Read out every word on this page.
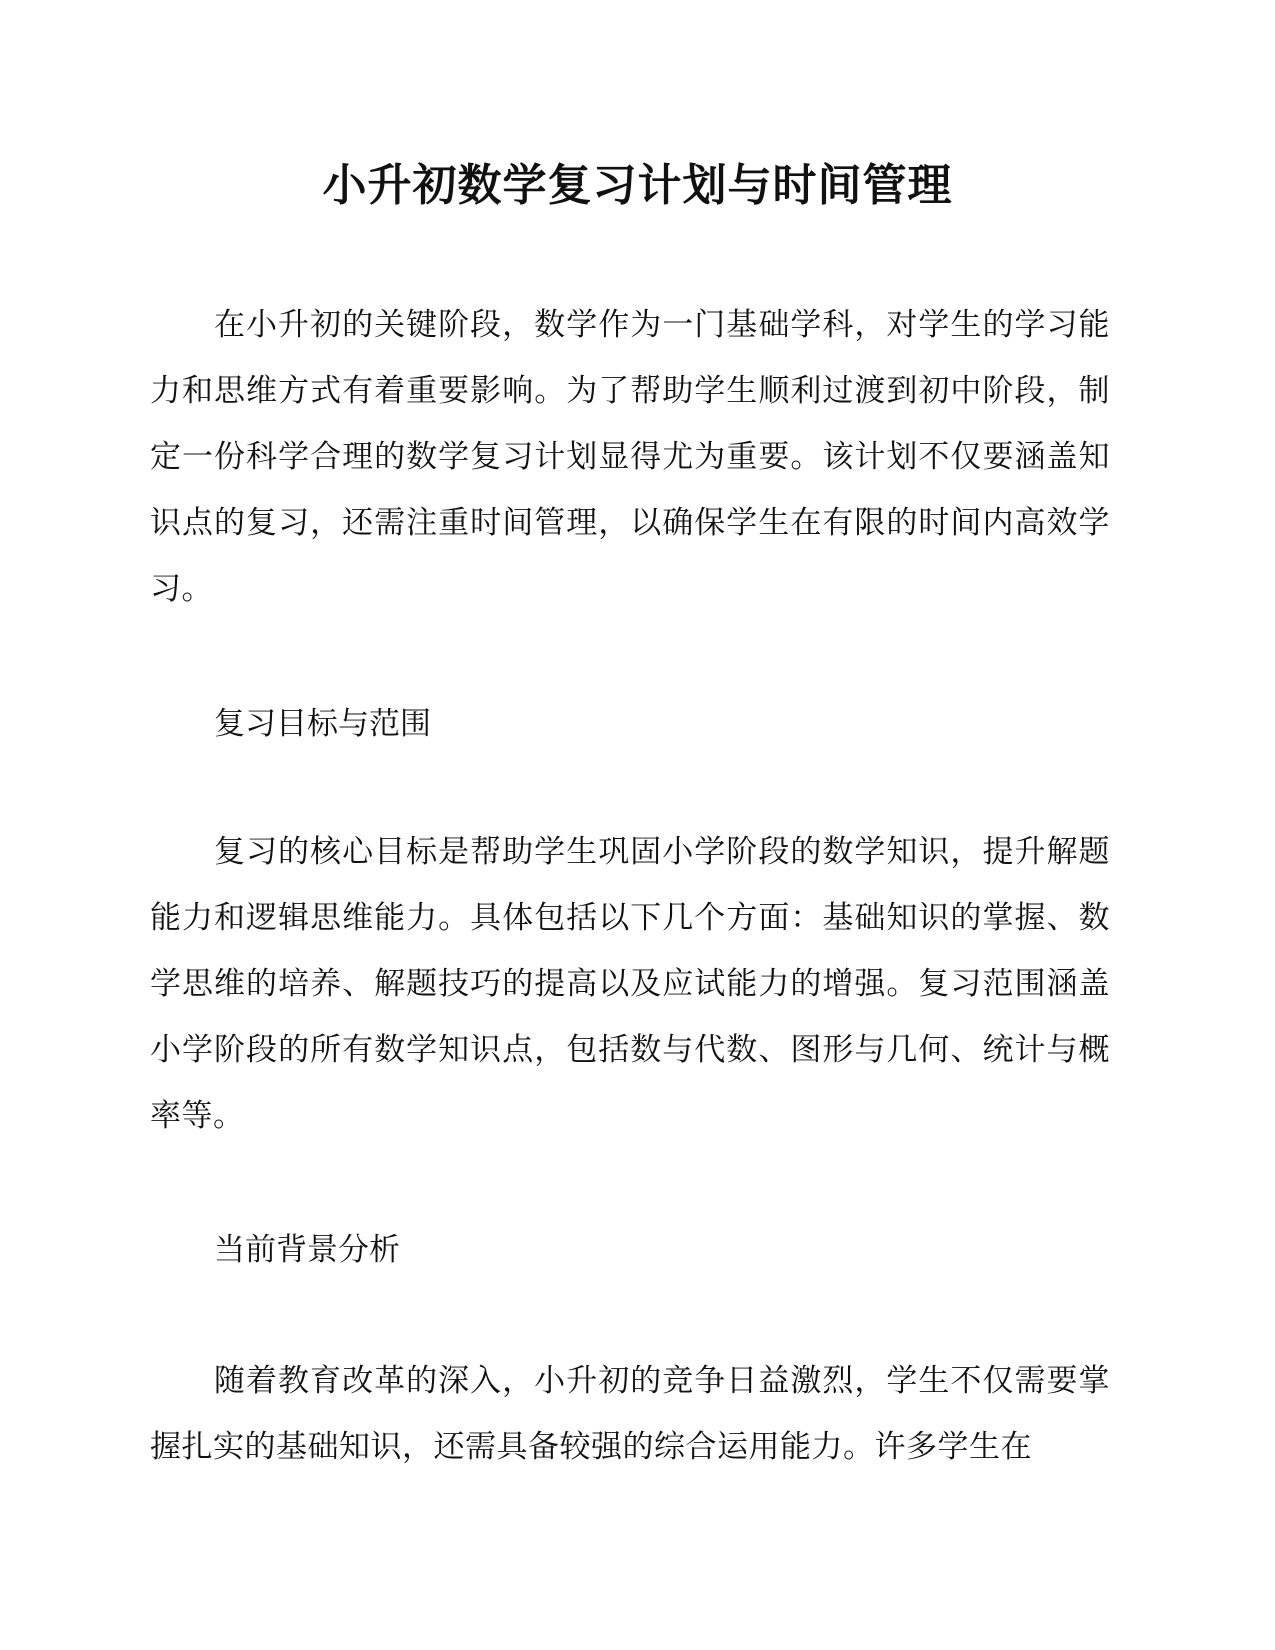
小升初数学复习计划与时间管理

在小升初的关键阶段，数学作为一门基础学科，对学生的学习能力和思维方式有着重要影响。为了帮助学生顺利过渡到初中阶段，制定一份科学合理的数学复习计划显得尤为重要。该计划不仅要涵盖知识点的复习，还需注重时间管理，以确保学生在有限的时间内高效学习。

复习目标与范围

复习的核心目标是帮助学生巩固小学阶段的数学知识，提升解题能力和逻辑思维能力。具体包括以下几个方面：基础知识的掌握、数学思维的培养、解题技巧的提高以及应试能力的增强。复习范围涵盖小学阶段的所有数学知识点，包括数与代数、图形与几何、统计与概率等。

当前背景分析

随着教育改革的深入，小升初的竞争日益激烈，学生不仅需要掌握扎实的基础知识，还需具备较强的综合运用能力。许多学生在
